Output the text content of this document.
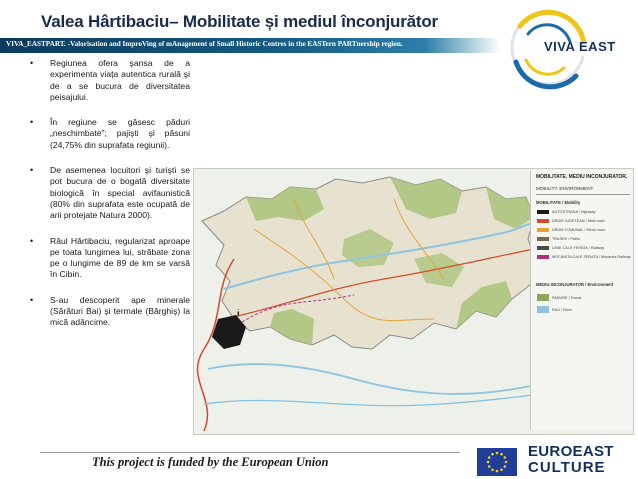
Valea Hârtibaciu– Mobilitate și mediul înconjurător
VIVA_EASTPART. -Valorisation and ImproVing of mAnagement of Small Historic Centres in the EASTern PARTnership region.	VIVA EAST
• Regiunea ofera șansa de a experimenta viața autentica rurală şi de a se bucura de diversitatea peisajului.
• În regiune se găsesc păduri „neschimbate”; pajişti şi păsuni (24,75% din suprafata regiunii).
• De asemenea locuitori şi turişti se pot bucura de o bogată diversitate biologică în special avifaunistică (80% din suprafata este ocupată de arii protejate Natura 2000).
• Râul Hârtibaciu, regularizat aproape pe toata lungimea lui, străbate zona pe o lungime de 89 de km se varsă în Cibin.
• S-au descoperit ape minerale (Sărături Bai) şi termale (Bârghiş) la mică adâncime.
MOBILITATE. MEDIU INCONJURATOR.
MOBILITY. ENVIRONMENT.
MOBILITATE / Mobility
AUTOSTRADA / Highway
DRUM JUDETEAN / Main road
DRUM COMUNAL / Minor road
TRASEE / Paths
LINIE CALE FERATA / Railway
MOCANITA CALE FERATA / Mocanita Railway
MEDIU INCONJURATOR / Environment
PADURE / Forest
RAU / River
This project is funded by the European Union
EUROEAST
CULTURE
